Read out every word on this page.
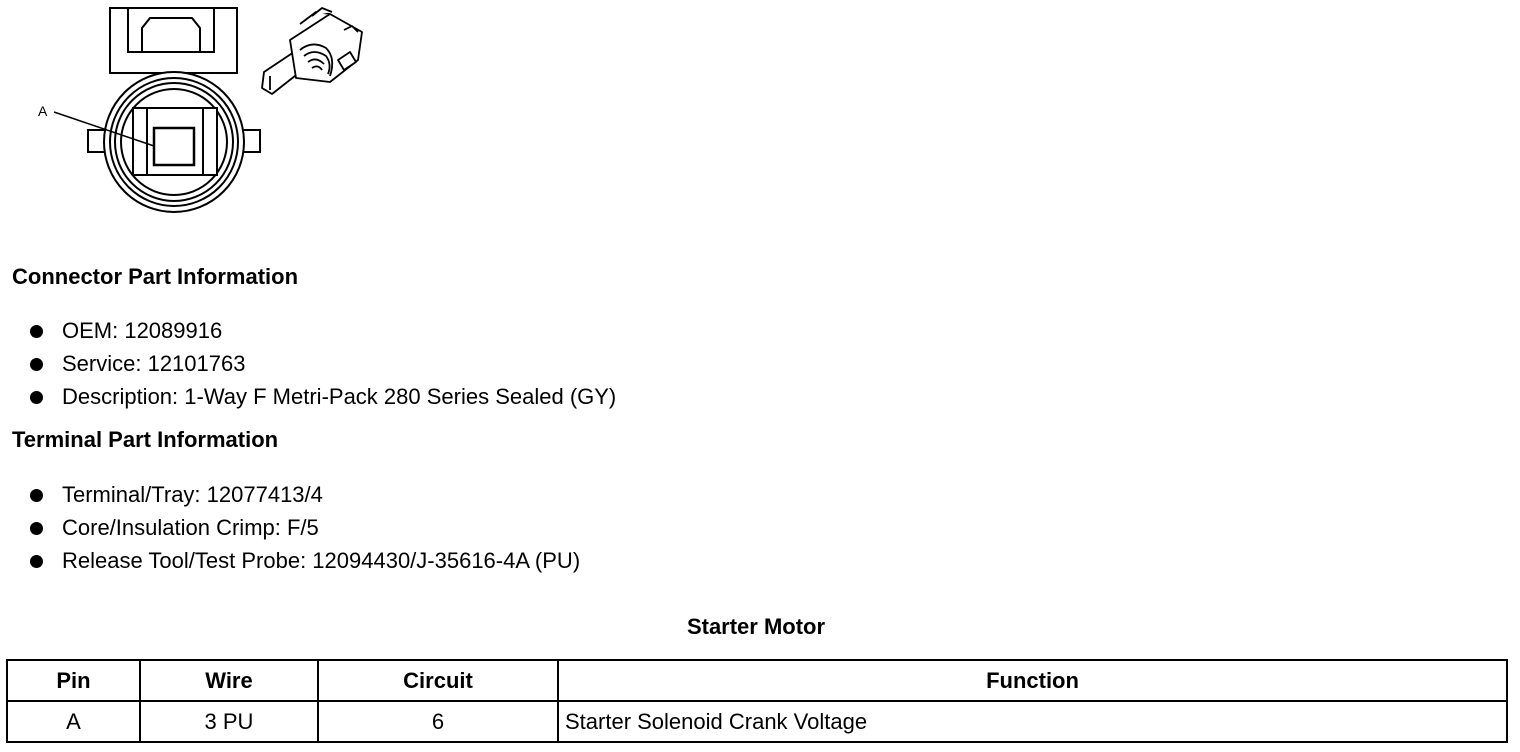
A
Connector Part Information
OEM: 12089916
Service: 12101763
Description: 1-Way F Metri-Pack 280 Series Sealed (GY)
Terminal Part Information
Terminal/Tray: 12077413/4
Core/Insulation Crimp: F/5
Release Tool/Test Probe: 12094430/J-35616-4A (PU)
Starter Motor
Pin	Wire	Circuit	Function
A	3 PU	6	Starter Solenoid Crank Voltage
